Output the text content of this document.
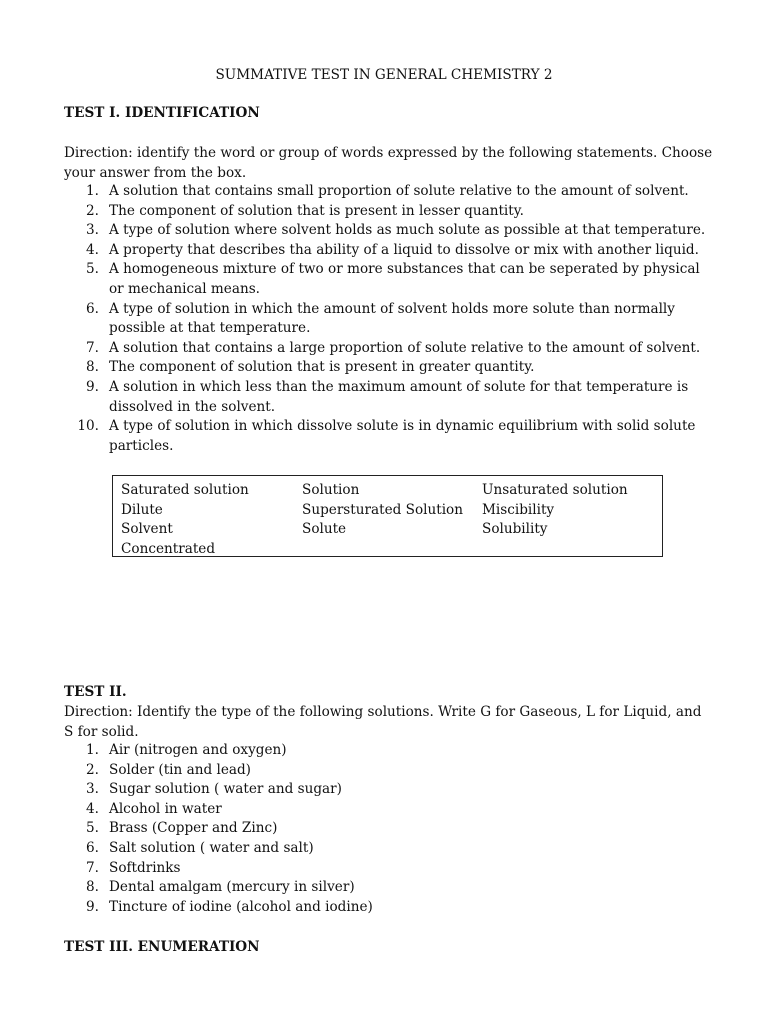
SUMMATIVE TEST IN GENERAL CHEMISTRY 2
TEST I. IDENTIFICATION

Direction: identify the word or group of words expressed by the following statements. Choose your answer from the box.

1. A solution that contains small proportion of solute relative to the amount of solvent.
2. The component of solution that is present in lesser quantity.
3. A type of solution where solvent holds as much solute as possible at that temperature.
4. A property that describes tha ability of a liquid to dissolve or mix with another liquid.
5. A homogeneous mixture of two or more substances that can be seperated by physical or mechanical means.
6. A type of solution in which the amount of solvent holds more solute than normally possible at that temperature.
7. A solution that contains a large proportion of solute relative to the amount of solvent.
8. The component of solution that is present in greater quantity.
9. A solution in which less than the maximum amount of solute for that temperature is dissolved in the solvent.
10. A type of solution in which dissolve solute is in dynamic equilibrium with solid solute particles.
Saturated solution
Dilute
Solvent
Concentrated
Solution
Supersturated Solution
Solute
Unsaturated solution
Miscibility
Solubility
TEST II.

Direction: Identify the type of the following solutions. Write G for Gaseous, L for Liquid, and S for solid.

1. Air (nitrogen and oxygen)
2. Solder (tin and lead)
3. Sugar solution ( water and sugar)
4. Alcohol in water
5. Brass (Copper and Zinc)
6. Salt solution ( water and salt)
7. Softdrinks
8. Dental amalgam (mercury in silver)
9. Tincture of iodine (alcohol and iodine)
TEST III. ENUMERATION
